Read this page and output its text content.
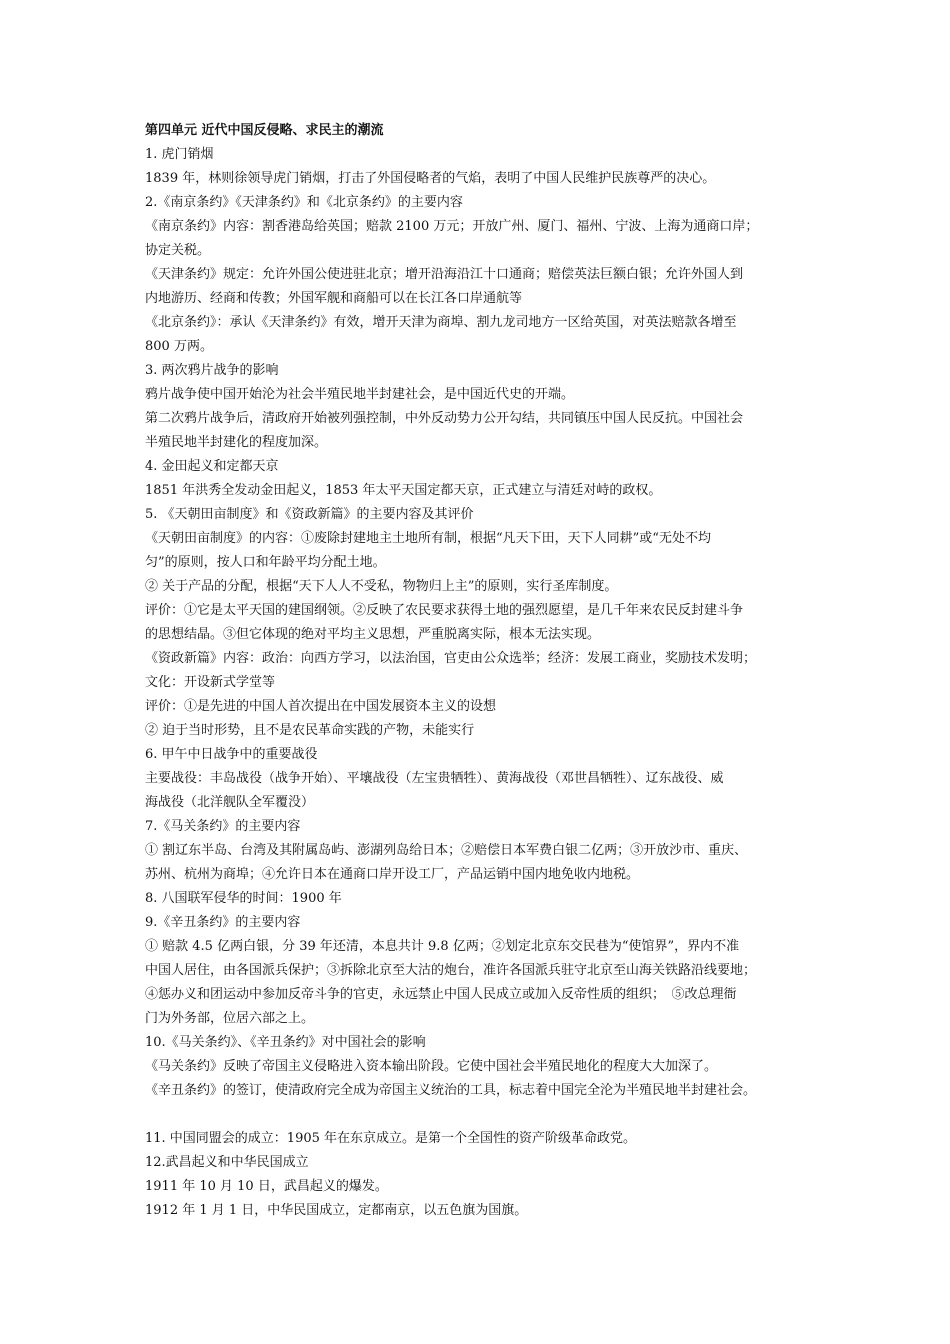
第四单元 近代中国反侵略、求民主的潮流

1. 虎门销烟

1839 年，林则徐领导虎门销烟，打击了外国侵略者的气焰，表明了中国人民维护民族尊严的决心。

2.《南京条约》《天津条约》和《北京条约》的主要内容

《南京条约》内容：割香港岛给英国；赔款 2100 万元；开放广州、厦门、福州、宁波、上海为通商口岸；

协定关税。

《天津条约》规定：允许外国公使进驻北京；增开沿海沿江十口通商；赔偿英法巨额白银；允许外国人到

内地游历、经商和传教；外国军舰和商船可以在长江各口岸通航等

《北京条约》：承认《天津条约》有效，增开天津为商埠、割九龙司地方一区给英国，对英法赔款各增至

800 万两。

3. 两次鸦片战争的影响

鸦片战争使中国开始沦为社会半殖民地半封建社会，是中国近代史的开端。

第二次鸦片战争后，清政府开始被列强控制，中外反动势力公开勾结，共同镇压中国人民反抗。中国社会

半殖民地半封建化的程度加深。

4. 金田起义和定都天京

1851 年洪秀全发动金田起义，1853 年太平天国定都天京，正式建立与清廷对峙的政权。

5. 《天朝田亩制度》和《资政新篇》的主要内容及其评价

《天朝田亩制度》的内容：①废除封建地主土地所有制，根据“凡天下田，天下人同耕”或“无处不均

匀”的原则，按人口和年龄平均分配土地。

② 关于产品的分配，根据“天下人人不受私，物物归上主”的原则，实行圣库制度。

评价：①它是太平天国的建国纲领。②反映了农民要求获得土地的强烈愿望，是几千年来农民反封建斗争

的思想结晶。③但它体现的绝对平均主义思想，严重脱离实际，根本无法实现。

《资政新篇》内容：政治：向西方学习，以法治国，官吏由公众选举；经济：发展工商业，奖励技术发明；

文化：开设新式学堂等

评价：①是先进的中国人首次提出在中国发展资本主义的设想

② 迫于当时形势，且不是农民革命实践的产物，未能实行

6. 甲午中日战争中的重要战役

主要战役：丰岛战役（战争开始）、平壤战役（左宝贵牺牲）、黄海战役（邓世昌牺牲）、辽东战役、威

海战役（北洋舰队全军覆没）

7.《马关条约》的主要内容

① 割辽东半岛、台湾及其附属岛屿、澎湖列岛给日本；②赔偿日本军费白银二亿两；③开放沙市、重庆、

苏州、杭州为商埠；④允许日本在通商口岸开设工厂，产品运销中国内地免收内地税。

8. 八国联军侵华的时间：1900 年

9.《辛丑条约》的主要内容

① 赔款 4.5 亿两白银，分 39 年还清，本息共计 9.8 亿两；②划定北京东交民巷为“使馆界”，界内不准

中国人居住，由各国派兵保护；③拆除北京至大沽的炮台，准许各国派兵驻守北京至山海关铁路沿线要地；

④惩办义和团运动中参加反帝斗争的官吏，永远禁止中国人民成立或加入反帝性质的组织；　⑤改总理衙

门为外务部，位居六部之上。

10.《马关条约》、《辛丑条约》对中国社会的影响

《马关条约》反映了帝国主义侵略进入资本输出阶段。它使中国社会半殖民地化的程度大大加深了。

《辛丑条约》的签订，使清政府完全成为帝国主义统治的工具，标志着中国完全沦为半殖民地半封建社会。

11. 中国同盟会的成立：1905 年在东京成立。是第一个全国性的资产阶级革命政党。

12.武昌起义和中华民国成立

1911 年 10 月 10 日，武昌起义的爆发。

1912 年 1 月 1 日，中华民国成立，定都南京，以五色旗为国旗。
